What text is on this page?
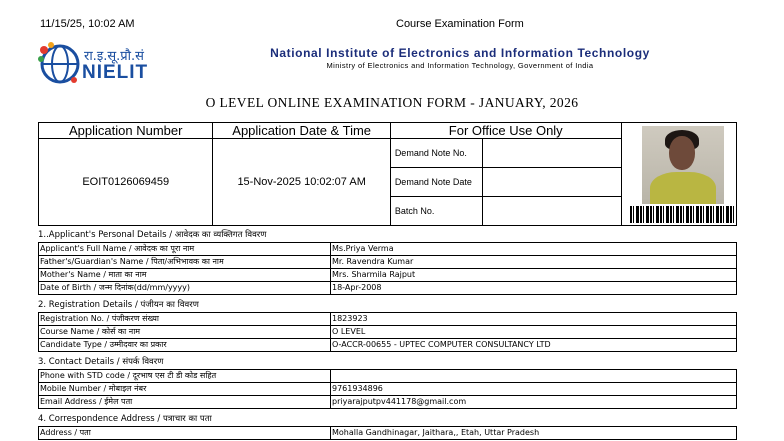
11/15/25, 10:02 AM	Course Examination Form
रा.इ.सू.प्रौ.सं
NIELIT
National Institute of Electronics and Information Technology
Ministry of Electronics and Information Technology, Government of India
O LEVEL ONLINE EXAMINATION FORM - JANUARY, 2026
Application Number	Application Date & Time	For Office Use Only		

EOIT0126069459	15-Nov-2025 10:02:07 AM	Demand Note No.		
		Demand Note Date		
		Batch No.		
1..Applicant's Personal Details / आवेदक का व्यक्तिगत विवरण
Applicant's Full Name / आवेदक का पूरा नाम	Ms.Priya Verma
Father's/Guardian's Name / पिता/अभिभावक का नाम	Mr. Ravendra Kumar
Mother's Name / माता का नाम	Mrs. Sharmila Rajput
Date of Birth / जन्म दिनांक(dd/mm/yyyy)	18-Apr-2008
2. Registration Details / पंजीयन का विवरण
Registration No. / पंजीकरण संख्या	1823923
Course Name / कोर्स का नाम	O LEVEL
Candidate Type / उम्मीदवार का प्रकार	O-ACCR-00655 - UPTEC COMPUTER CONSULTANCY LTD
3. Contact Details / संपर्क विवरण
Phone with STD code / दूरभाष एस टी डी कोड सहित	
Mobile Number / मोबाइल नंबर	9761934896
Email Address / ईमेल पता	priyarajputpv441178@gmail.com
4. Correspondence Address / पत्राचार का पता
Address / पता	Mohalla Gandhinagar, Jaithara,, Etah, Uttar Pradesh
